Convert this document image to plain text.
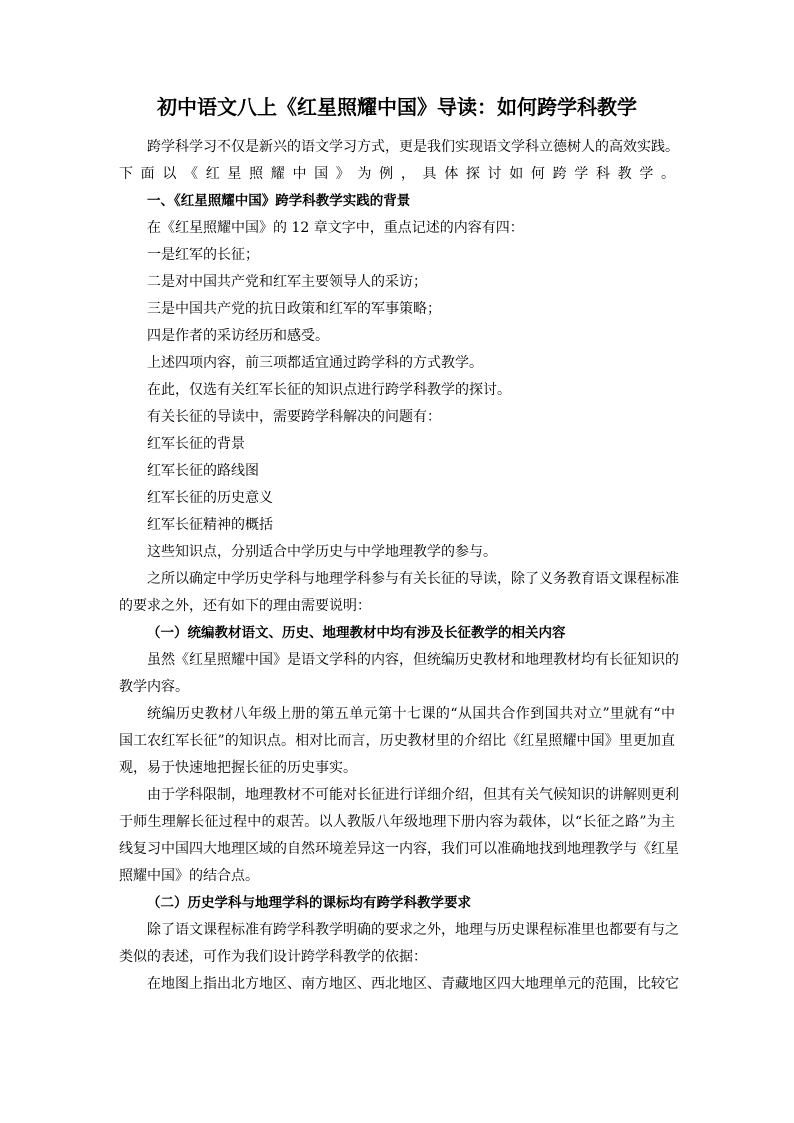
初中语文八上《红星照耀中国》导读：如何跨学科教学
跨学科学习不仅是新兴的语文学习方式，更是我们实现语文学科立德树人的高效实践。
下面以《红星照耀中国》为例，具体探讨如何跨学科教学。
一、《红星照耀中国》跨学科教学实践的背景
在《红星照耀中国》的 12 章文字中，重点记述的内容有四：
一是红军的长征；
二是对中国共产党和红军主要领导人的采访；
三是中国共产党的抗日政策和红军的军事策略；
四是作者的采访经历和感受。
上述四项内容，前三项都适宜通过跨学科的方式教学。
在此，仅选有关红军长征的知识点进行跨学科教学的探讨。
有关长征的导读中，需要跨学科解决的问题有：
红军长征的背景
红军长征的路线图
红军长征的历史意义
红军长征精神的概括
这些知识点，分别适合中学历史与中学地理教学的参与。
之所以确定中学历史学科与地理学科参与有关长征的导读，除了义务教育语文课程标准
的要求之外，还有如下的理由需要说明：
（一）统编教材语文、历史、地理教材中均有涉及长征教学的相关内容
虽然《红星照耀中国》是语文学科的内容，但统编历史教材和地理教材均有长征知识的
教学内容。
统编历史教材八年级上册的第五单元第十七课的“从国共合作到国共对立”里就有“中
国工农红军长征”的知识点。相对比而言，历史教材里的介绍比《红星照耀中国》里更加直
观，易于快速地把握长征的历史事实。
由于学科限制，地理教材不可能对长征进行详细介绍，但其有关气候知识的讲解则更利
于师生理解长征过程中的艰苦。以人教版八年级地理下册内容为载体，以“长征之路”为主
线复习中国四大地理区域的自然环境差异这一内容，我们可以准确地找到地理教学与《红星
照耀中国》的结合点。
（二）历史学科与地理学科的课标均有跨学科教学要求
除了语文课程标准有跨学科教学明确的要求之外，地理与历史课程标准里也都要有与之
类似的表述，可作为我们设计跨学科教学的依据：
在地图上指出北方地区、南方地区、西北地区、青藏地区四大地理单元的范围，比较它
